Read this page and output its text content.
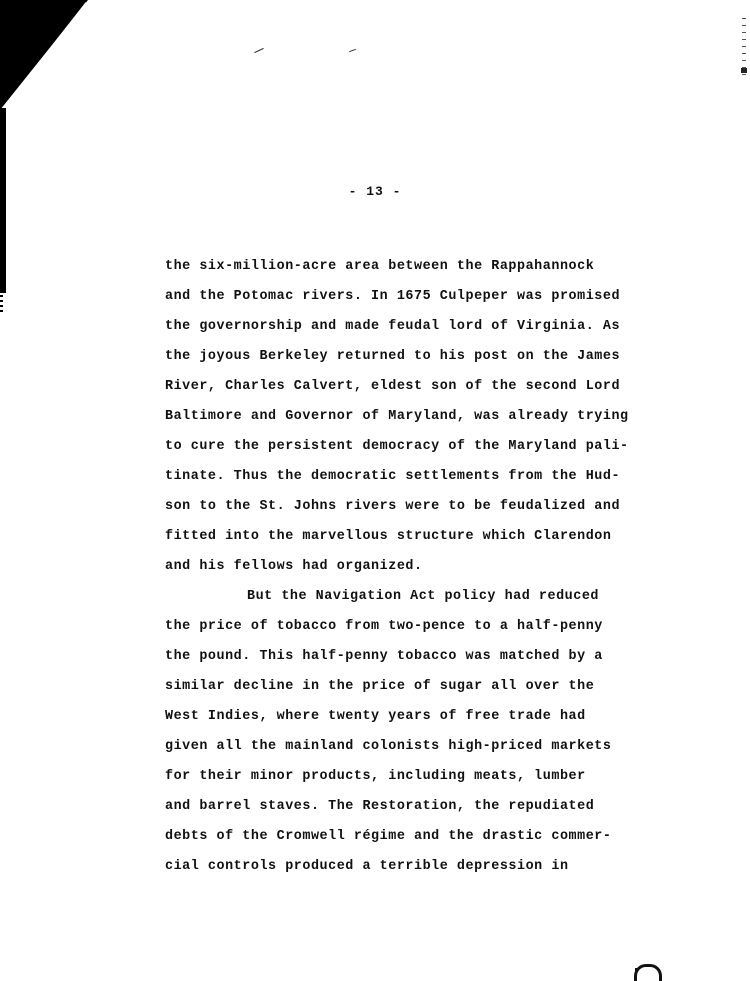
- 13 -
the six-million-acre area between the Rappahannock
and the Potomac rivers. In 1675 Culpeper was promised
the governorship and made feudal lord of Virginia. As
the joyous Berkeley returned to his post on the James
River, Charles Calvert, eldest son of the second Lord
Baltimore and Governor of Maryland, was already trying
to cure the persistent democracy of the Maryland pali-
tinate. Thus the democratic settlements from the Hud-
son to the St. Johns rivers were to be feudalized and
fitted into the marvellous structure which Clarendon
and his fellows had organized.
But the Navigation Act policy had reduced
the price of tobacco from two-pence to a half-penny
the pound. This half-penny tobacco was matched by a
similar decline in the price of sugar all over the
West Indies, where twenty years of free trade had
given all the mainland colonists high-priced markets
for their minor products, including meats, lumber
and barrel staves. The Restoration, the repudiated
debts of the Cromwell régime and the drastic commer-
cial controls produced a terrible depression in
